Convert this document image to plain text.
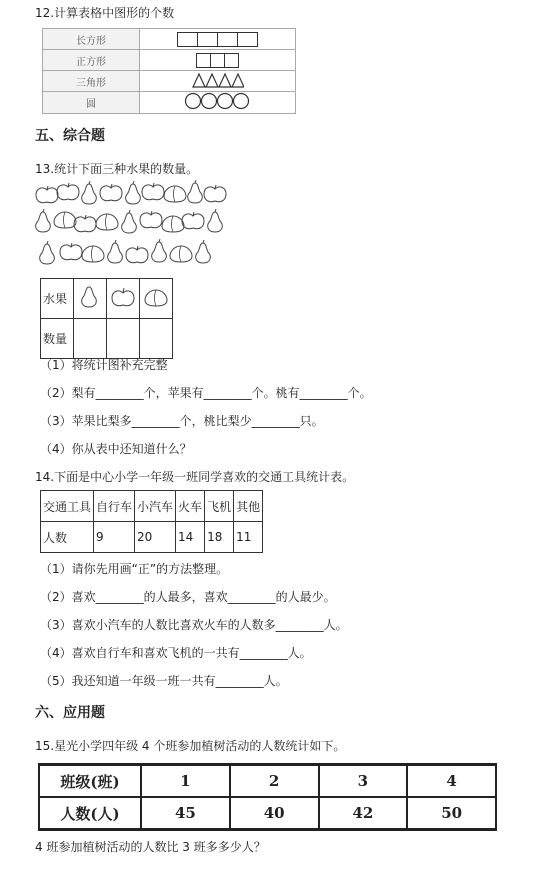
12.计算表格中图形的个数
长方形	
正方形	
三角形	
圆	
五、综合题
13.统计下面三种水果的数量。
水果			
数量			
（1）将统计图补充完整
（2）梨有________个，苹果有________个。桃有________个。
（3）苹果比梨多________个，桃比梨少________只。
（4）你从表中还知道什么？
14.下面是中心小学一年级一班同学喜欢的交通工具统计表。
交通工具	自行车	小汽车	火车	飞机	其他
人数	9	20	14	18	11
（1）请你先用画“正”的方法整理。
（2）喜欢________的人最多，喜欢________的人最少。
（3）喜欢小汽车的人数比喜欢火车的人数多________人。
（4）喜欢自行车和喜欢飞机的一共有________人。
（5）我还知道一年级一班一共有________人。
六、应用题
15.星光小学四年级 4 个班参加植树活动的人数统计如下。
班级(班)	1	2	3	4
人数(人)	45	40	42	50
4 班参加植树活动的人数比 3 班多多少人？
